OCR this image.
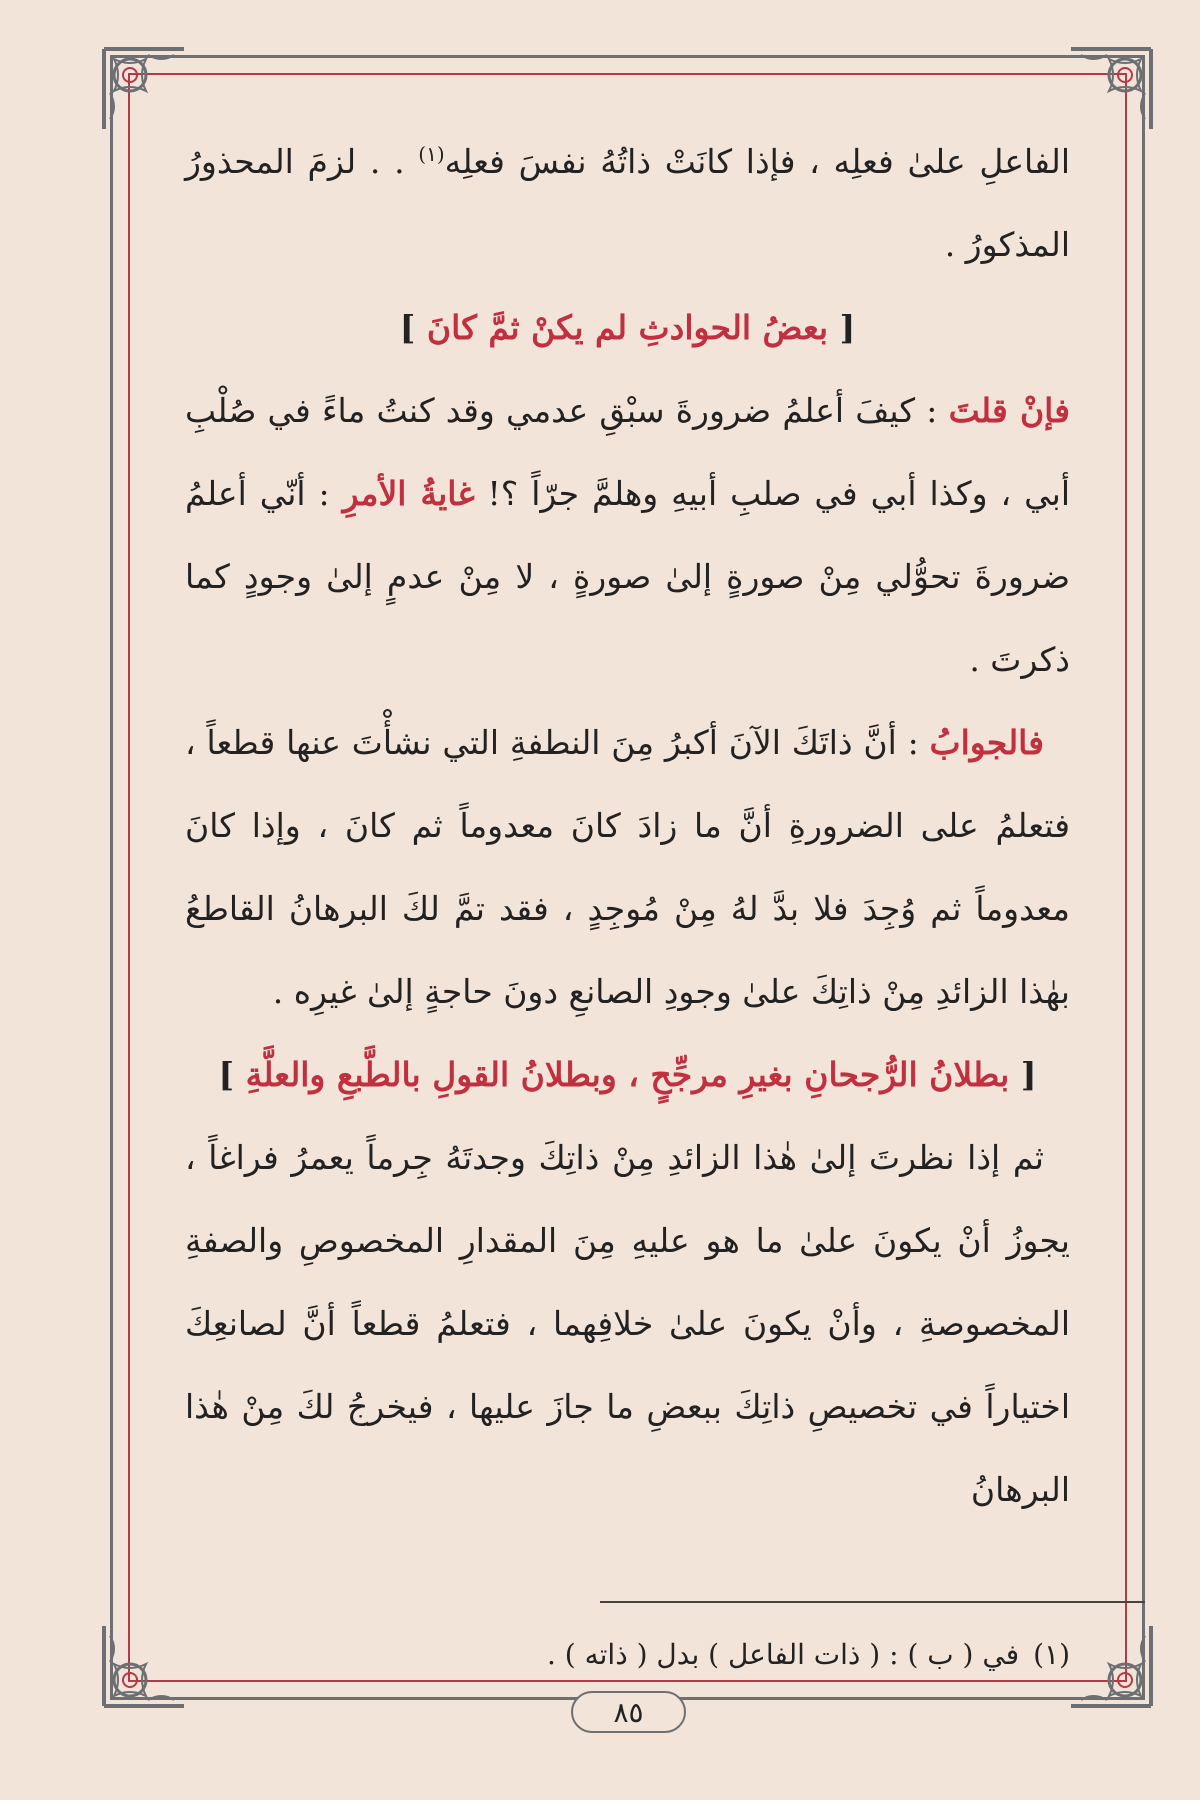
الفاعلِ علىٰ فعلِه ، فإذا كانَتْ ذاتُهُ نفسَ فعلِه$^{(١)}$ . . لزمَ المحذورُ المذكورُ .

[ بعضُ الحوادثِ لم يكنْ ثمَّ كانَ ]

فإنْ قلتَ : كيفَ أعلمُ ضرورةَ سبْقِ عدمي وقد كنتُ ماءً في صُلْبِ أبي ، وكذا أبي في صلبِ أبيهِ وهلمَّ جرّاً ؟! غايةُ الأمرِ : أنّي أعلمُ ضرورةَ تحوُّلي مِنْ صورةٍ إلىٰ صورةٍ ، لا مِنْ عدمٍ إلىٰ وجودٍ كما ذكرتَ .

فالجوابُ : أنَّ ذاتَكَ الآنَ أكبرُ مِنَ النطفةِ التي نشأْتَ عنها قطعاً ، فتعلمُ على الضرورةِ أنَّ ما زادَ كانَ معدوماً ثم كانَ ، وإذا كانَ معدوماً ثم وُجِدَ فلا بدَّ لهُ مِنْ مُوجِدٍ ، فقد تمَّ لكَ البرهانُ القاطعُ بهٰذا الزائدِ مِنْ ذاتِكَ علىٰ وجودِ الصانعِ دونَ حاجةٍ إلىٰ غيرِه .

[ بطلانُ الرُّجحانِ بغيرِ مرجِّحٍ ، وبطلانُ القولِ بالطَّبعِ والعلَّةِ ]

ثم إذا نظرتَ إلىٰ هٰذا الزائدِ مِنْ ذاتِكَ وجدتَهُ جِرماً يعمرُ فراغاً ، يجوزُ أنْ يكونَ علىٰ ما هو عليهِ مِنَ المقدارِ المخصوصِ والصفةِ المخصوصةِ ، وأنْ يكونَ علىٰ خلافِهما ، فتعلمُ قطعاً أنَّ لصانعِكَ اختياراً في تخصيصِ ذاتِكَ ببعضِ ما جازَ عليها ، فيخرجُ لكَ مِنْ هٰذا البرهانُ

(١)في ( ب ) : ( ذات الفاعل ) بدل ( ذاته ) .
٨٥
